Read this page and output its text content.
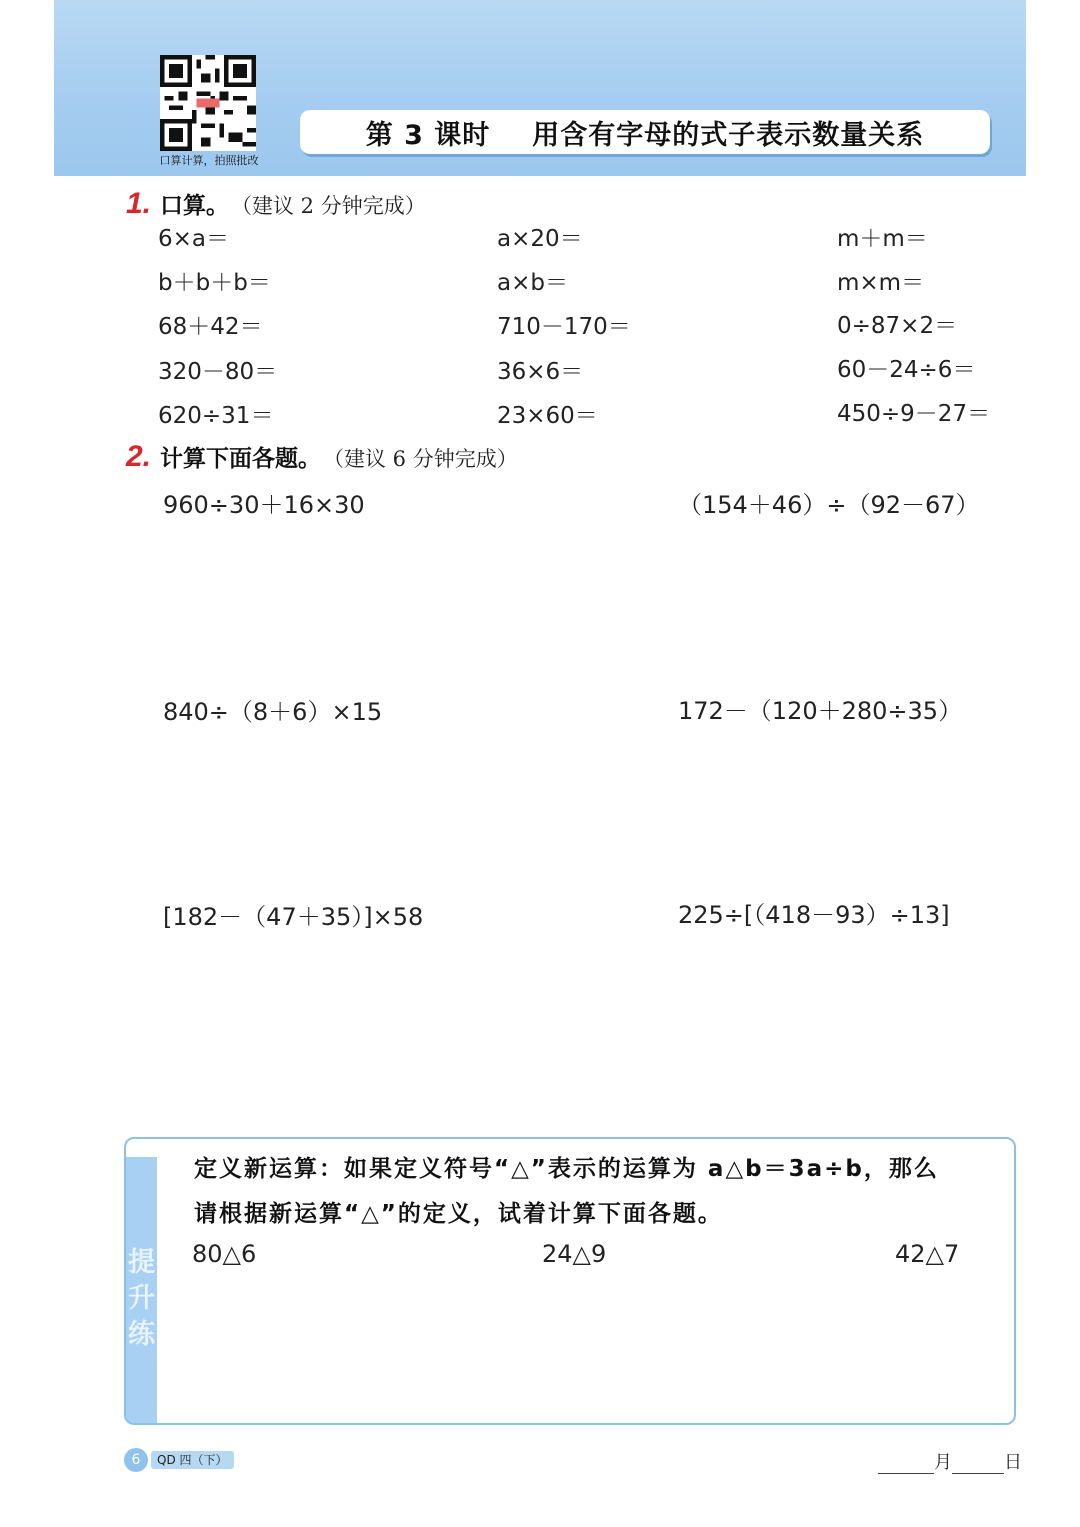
口算计算，拍照批改
第 3 课时 用含有字母的式子表示数量关系
1. 口算。 （建议 2 分钟完成）
6×a＝	a×20＝	m＋m＝
b＋b＋b＝	a×b＝	m×m＝
68＋42＝	710－170＝	0÷87×2＝
320－80＝	36×6＝	60－24÷6＝
620÷31＝	23×60＝	450÷9－27＝
2. 计算下面各题。 （建议 6 分钟完成）
960÷30＋16×30	（154＋46）÷（92－67）
840÷（8＋6）×15	172－（120＋280÷35）
[182－（47＋35）]×58	225÷[（418－93）÷13]
提升练
定义新运算：如果定义符号“△”表示的运算为 a△b＝3a÷b，那么
请根据新运算“△”的定义，试着计算下面各题。
80△6	24△9	42△7
6	QD 四（下）	月	日
